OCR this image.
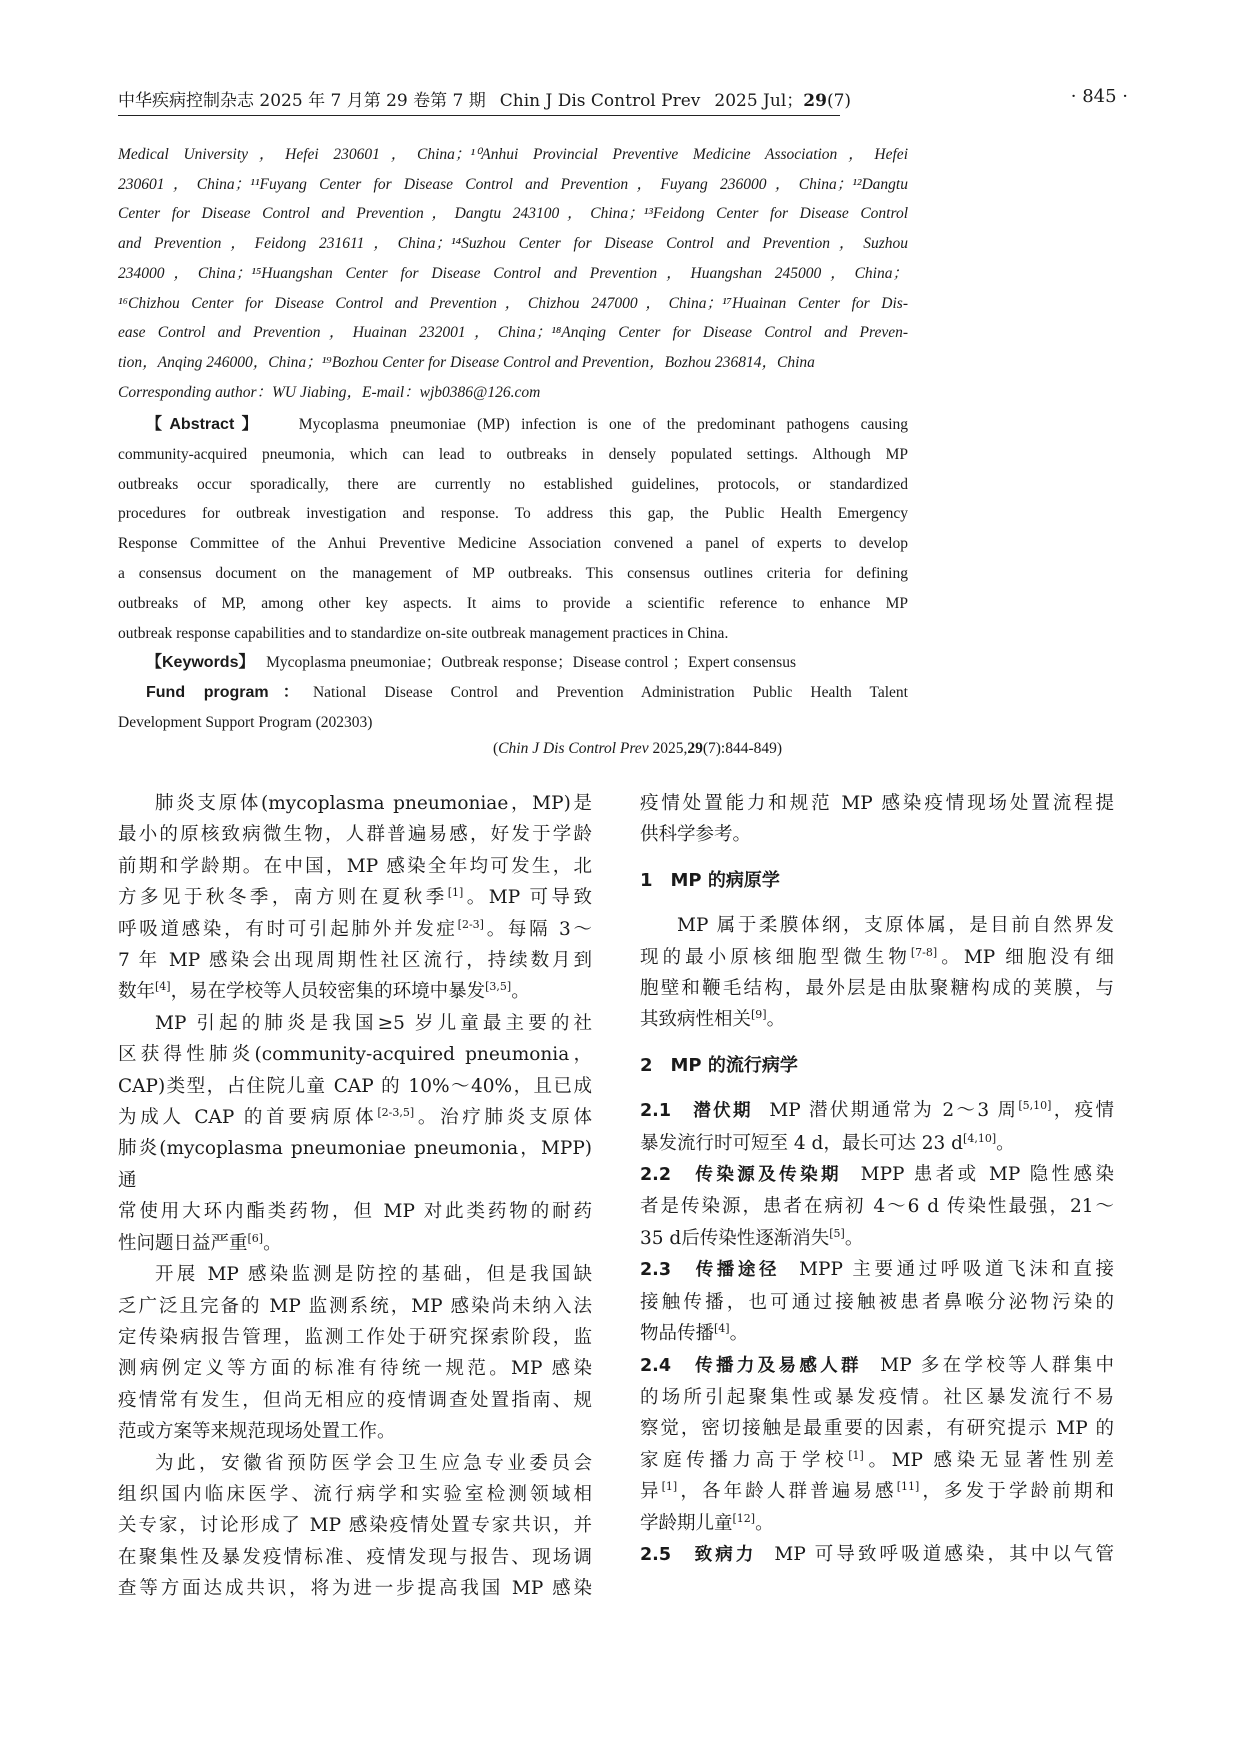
中华疾病控制杂志 2025 年 7 月第 29 卷第 7 期 Chin J Dis Control Prev 2025 Jul；29(7)	· 845 ·

Medical University，Hefei 230601，China；¹⁰Anhui Provincial Preventive Medicine Association，Hefei

230601，China；¹¹Fuyang Center for Disease Control and Prevention，Fuyang 236000，China；¹²Dangtu

Center for Disease Control and Prevention，Dangtu 243100，China；¹³Feidong Center for Disease Control

and Prevention，Feidong 231611，China；¹⁴Suzhou Center for Disease Control and Prevention，Suzhou

234000，China；¹⁵Huangshan Center for Disease Control and Prevention，Huangshan 245000，China；

¹⁶Chizhou Center for Disease Control and Prevention，Chizhou 247000，China；¹⁷Huainan Center for Dis-

ease Control and Prevention，Huainan 232001，China；¹⁸Anqing Center for Disease Control and Preven-

tion，Anqing 246000，China；¹⁹Bozhou Center for Disease Control and Prevention，Bozhou 236814，China

Corresponding author：WU Jiabing，E-mail：wjb0386@126.com

【Abstract】 Mycoplasma pneumoniae (MP) infection is one of the predominant pathogens causing

community-acquired pneumonia, which can lead to outbreaks in densely populated settings. Although MP

outbreaks occur sporadically, there are currently no established guidelines, protocols, or standardized

procedures for outbreak investigation and response. To address this gap, the Public Health Emergency

Response Committee of the Anhui Preventive Medicine Association convened a panel of experts to develop

a consensus document on the management of MP outbreaks. This consensus outlines criteria for defining

outbreaks of MP, among other key aspects. It aims to provide a scientific reference to enhance MP

outbreak response capabilities and to standardize on-site outbreak management practices in China.

【Keywords】 Mycoplasma pneumoniae；Outbreak response；Disease control ；Expert consensus

Fund program：National Disease Control and Prevention Administration Public Health Talent

Development Support Program (202303)

(Chin J Dis Control Prev 2025,29(7):844-849)

肺炎支原体(mycoplasma pneumoniae，MP)是

最小的原核致病微生物，人群普遍易感，好发于学龄

前期和学龄期。在中国，MP 感染全年均可发生，北

方多见于秋冬季，南方则在夏秋季[1]。MP 可导致

呼吸道感染，有时可引起肺外并发症[2-3]。每隔 3～

7 年 MP 感染会出现周期性社区流行，持续数月到

数年[4]，易在学校等人员较密集的环境中暴发[3,5]。

MP 引起的肺炎是我国≥5 岁儿童最主要的社

区获得性肺炎(community-acquired pneumonia，

CAP)类型，占住院儿童 CAP 的 10%～40%，且已成

为成人 CAP 的首要病原体[2-3,5]。治疗肺炎支原体

肺炎(mycoplasma pneumoniae pneumonia，MPP)通

常使用大环内酯类药物，但 MP 对此类药物的耐药

性问题日益严重[6]。

开展 MP 感染监测是防控的基础，但是我国缺

乏广泛且完备的 MP 监测系统，MP 感染尚未纳入法

定传染病报告管理，监测工作处于研究探索阶段，监

测病例定义等方面的标准有待统一规范。MP 感染

疫情常有发生，但尚无相应的疫情调查处置指南、规

范或方案等来规范现场处置工作。

为此，安徽省预防医学会卫生应急专业委员会

组织国内临床医学、流行病学和实验室检测领域相

关专家，讨论形成了 MP 感染疫情处置专家共识，并

在聚集性及暴发疫情标准、疫情发现与报告、现场调

查等方面达成共识，将为进一步提高我国 MP 感染

疫情处置能力和规范 MP 感染疫情现场处置流程提

供科学参考。

1　MP 的病原学

MP 属于柔膜体纲，支原体属，是目前自然界发

现的最小原核细胞型微生物[7-8]。MP 细胞没有细

胞壁和鞭毛结构，最外层是由肽聚糖构成的荚膜，与

其致病性相关[9]。

2　MP 的流行病学

2.1　潜伏期 MP 潜伏期通常为 2～3 周[5,10]，疫情

暴发流行时可短至 4 d，最长可达 23 d[4,10]。

2.2　传染源及传染期 MPP 患者或 MP 隐性感染

者是传染源，患者在病初 4～6 d 传染性最强，21～

35 d后传染性逐渐消失[5]。

2.3　传播途径 MPP 主要通过呼吸道飞沫和直接

接触传播，也可通过接触被患者鼻喉分泌物污染的

物品传播[4]。

2.4　传播力及易感人群 MP 多在学校等人群集中

的场所引起聚集性或暴发疫情。社区暴发流行不易

察觉，密切接触是最重要的因素，有研究提示 MP 的

家庭传播力高于学校[1]。MP 感染无显著性别差

异[1]，各年龄人群普遍易感[11]，多发于学龄前期和

学龄期儿童[12]。

2.5　致病力 MP 可导致呼吸道感染，其中以气管
